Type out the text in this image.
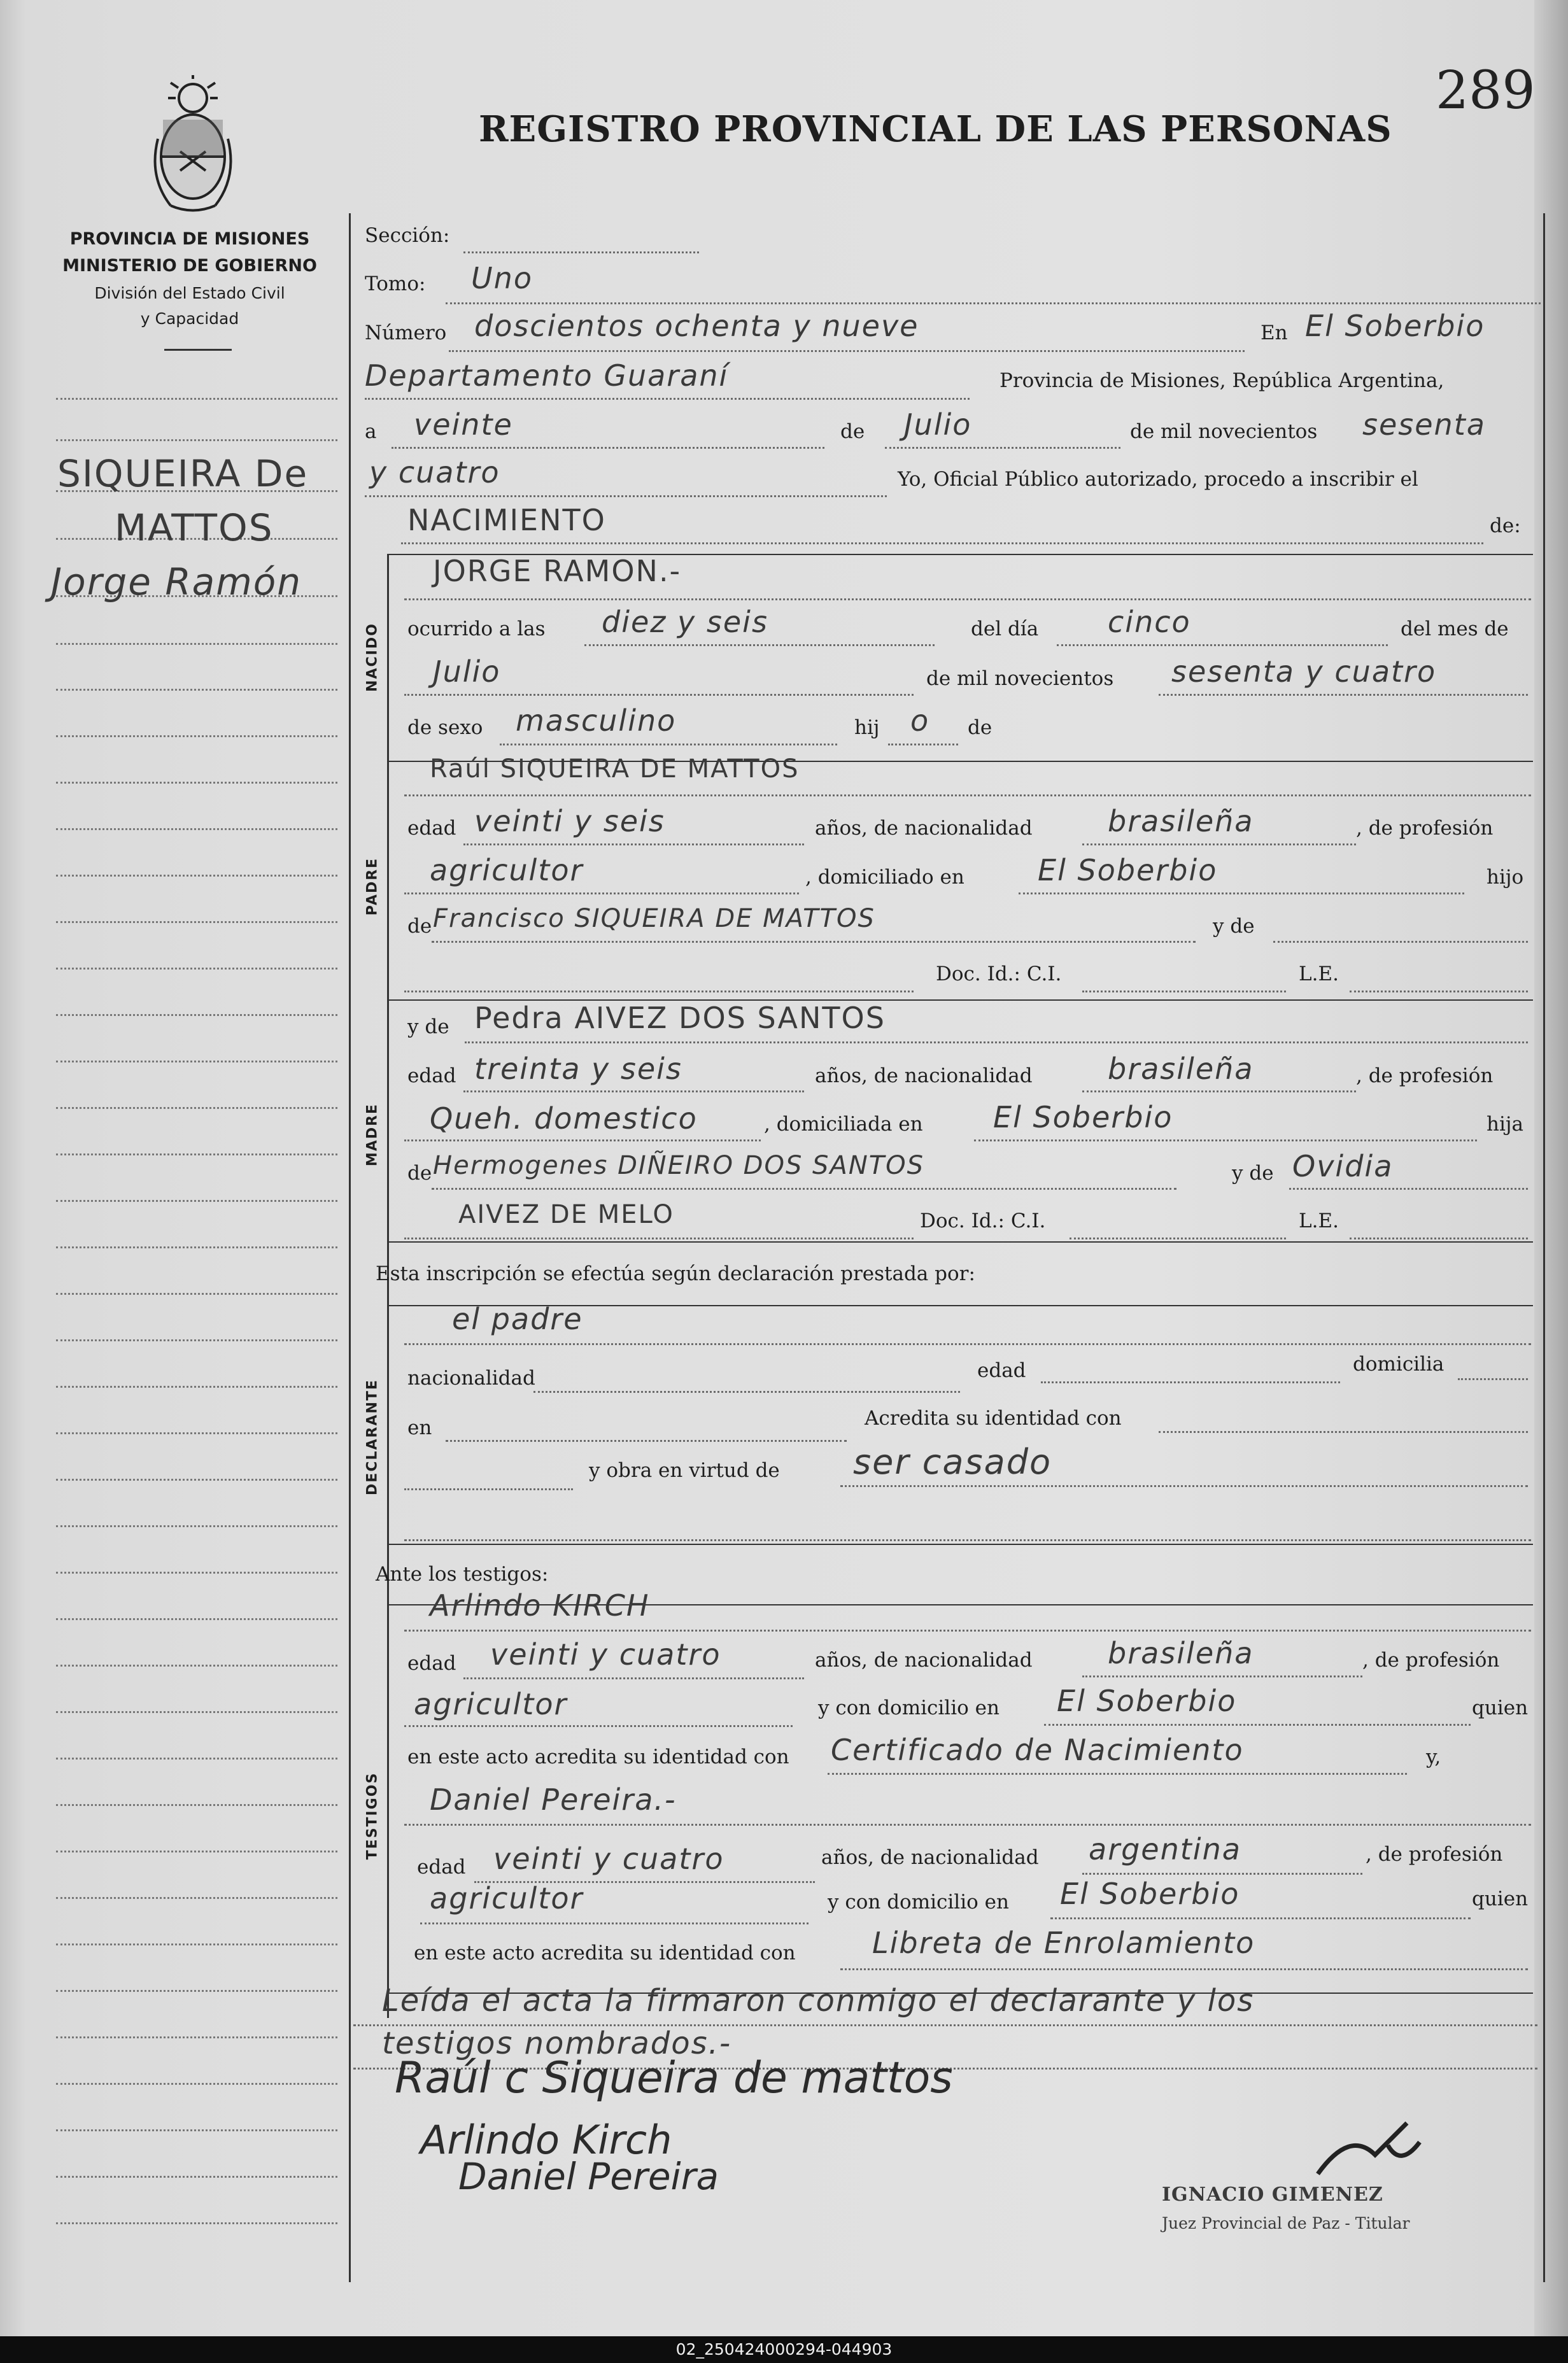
289
REGISTRO PROVINCIAL DE LAS PERSONAS
PROVINCIA DE MISIONES
MINISTERIO DE GOBIERNO
División del Estado Civil
y Capacidad
SIQUEIRA De
MATTOS
Jorge Ramón
NACIDO
PADRE
MADRE
DECLARANTE
TESTIGOS
Sección:
Tomo: Uno
Número doscientos ochenta y nueve	En El Soberbio
Departamento Guaraní	Provincia de Misiones, República Argentina,
a veinte	de Julio	de mil novecientos sesenta
y cuatro	Yo, Oficial Público autorizado, procedo a inscribir el
NACIMIENTO	de:
JORGE RAMON.-
ocurrido a las diez y seis	del día cinco	del mes de
Julio	de mil novecientos sesenta y cuatro
de sexo masculino	hij o de
Raúl SIQUEIRA DE MATTOS
edad veinti y seis	años, de nacionalidad	brasileña	, de profesión
agricultor	, domiciliado en	El Soberbio	hijo
de Francisco SIQUEIRA DE MATTOS	y de
Doc. Id.: C.I.	L.E.
y de Pedra AIVEZ DOS SANTOS
edad treinta y seis	años, de nacionalidad	brasileña	, de profesión
Queh. domestico	, domiciliada en El Soberbio	hija
de Hermogenes DIÑEIRO DOS SANTOS	y de Ovidia
AIVEZ DE MELO	Doc. Id.: C.I.	L.E.
Esta inscripción se efectúa según declaración prestada por:
el padre
nacionalidad	edad	domicilia
en	Acredita su identidad con
y obra en virtud de ser casado
Ante los testigos:
Arlindo KIRCH
edad veinti y cuatro	años, de nacionalidad	brasileña	, de profesión
agricultor	y con domicilio en El Soberbio	quien
en este acto acredita su identidad con Certificado de Nacimiento	y,
Daniel Pereira.-
edad veinti y cuatro	años, de nacionalidad argentina	, de profesión
agricultor	y con domicilio en El Soberbio	quien
en este acto acredita su identidad con	Libreta de Enrolamiento
Leída el acta la firmaron conmigo el declarante y los
testigos nombrados.-
Raúl c Siqueira de mattos
Arlindo Kirch
Daniel Pereira	IGNACIO GIMENEZ
Juez Provincial de Paz - Titular
02_250424000294-044903
